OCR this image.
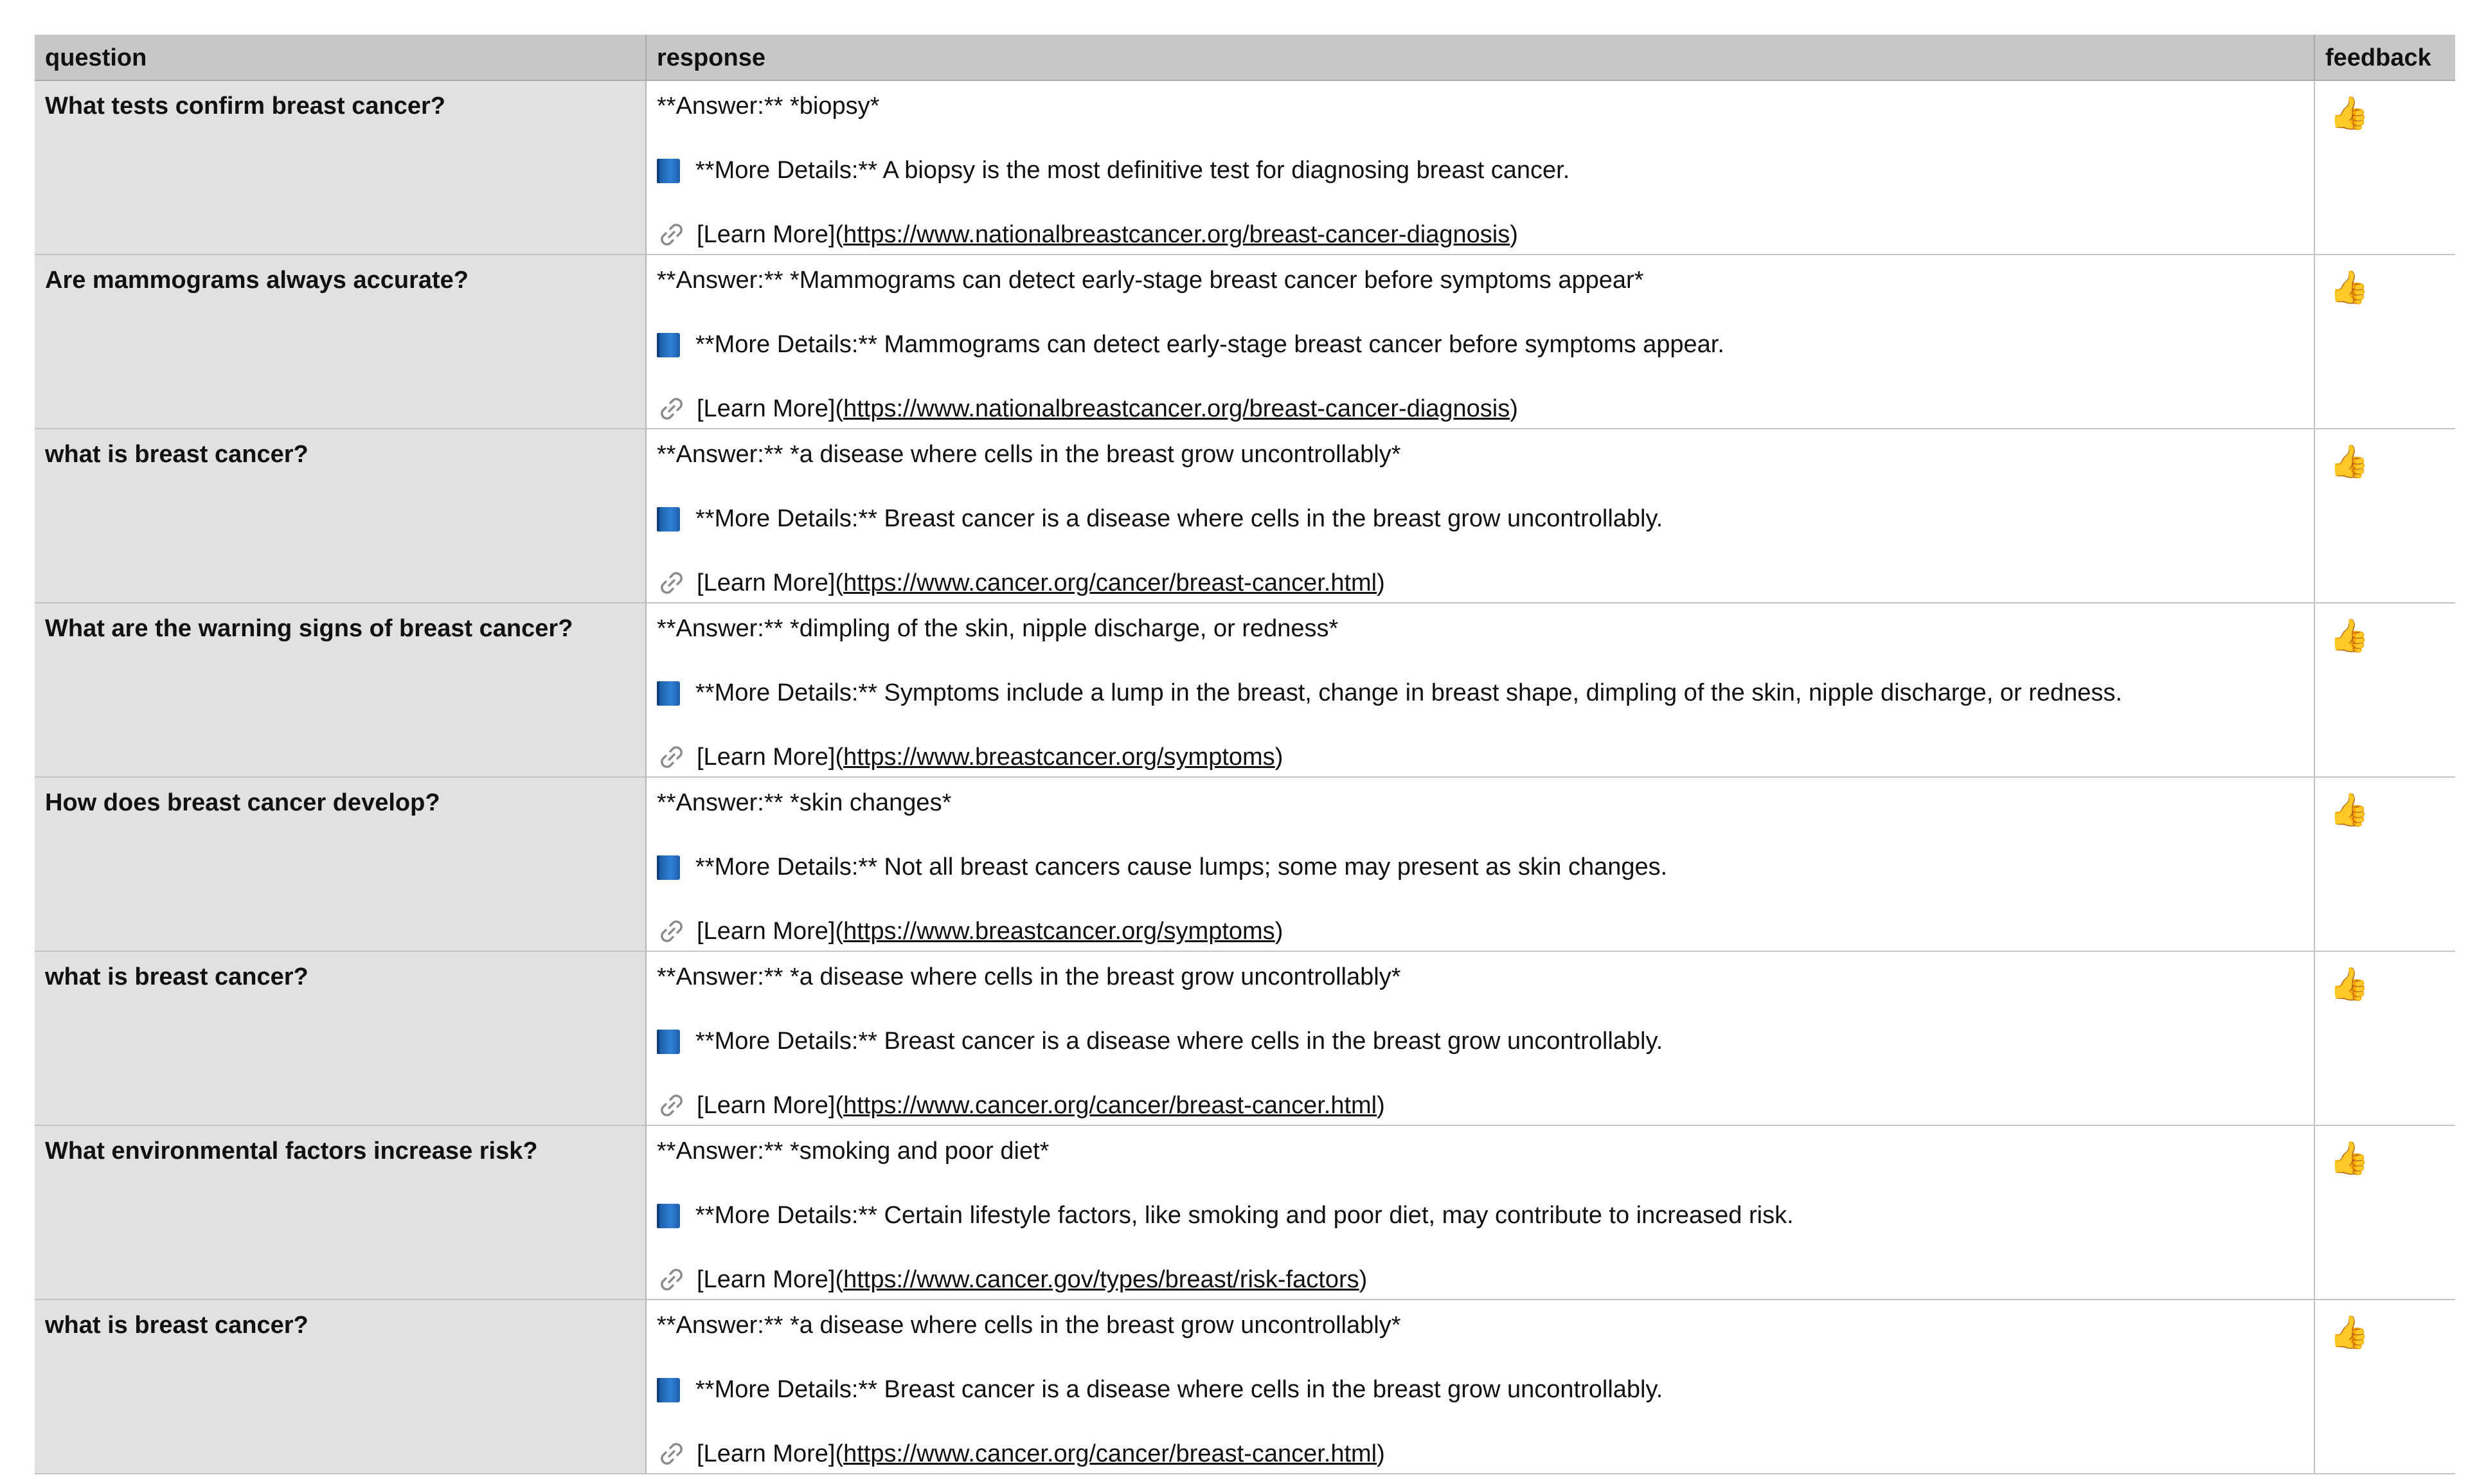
question	response	feedback
What tests confirm breast cancer?	**Answer:** *biopsy*
**More Details:** A biopsy is the most definitive test for diagnosing breast cancer.
[Learn More]( https://www.nationalbreastcancer.org/breast-cancer-diagnosis )
👍
Are mammograms always accurate?	**Answer:** *Mammograms can detect early-stage breast cancer before symptoms appear*
**More Details:** Mammograms can detect early-stage breast cancer before symptoms appear.
[Learn More]( https://www.nationalbreastcancer.org/breast-cancer-diagnosis )
👍
what is breast cancer?	**Answer:** *a disease where cells in the breast grow uncontrollably*
**More Details:** Breast cancer is a disease where cells in the breast grow uncontrollably.
[Learn More]( https://www.cancer.org/cancer/breast-cancer.html )
👍
What are the warning signs of breast cancer?	**Answer:** *dimpling of the skin, nipple discharge, or redness*
**More Details:** Symptoms include a lump in the breast, change in breast shape, dimpling of the skin, nipple discharge, or redness.
[Learn More]( https://www.breastcancer.org/symptoms )
👍
How does breast cancer develop?	**Answer:** *skin changes*
**More Details:** Not all breast cancers cause lumps; some may present as skin changes.
[Learn More]( https://www.breastcancer.org/symptoms )
👍
what is breast cancer?	**Answer:** *a disease where cells in the breast grow uncontrollably*
**More Details:** Breast cancer is a disease where cells in the breast grow uncontrollably.
[Learn More]( https://www.cancer.org/cancer/breast-cancer.html )
👍
What environmental factors increase risk?	**Answer:** *smoking and poor diet*
**More Details:** Certain lifestyle factors, like smoking and poor diet, may contribute to increased risk.
[Learn More]( https://www.cancer.gov/types/breast/risk-factors )
👍
what is breast cancer?	**Answer:** *a disease where cells in the breast grow uncontrollably*
**More Details:** Breast cancer is a disease where cells in the breast grow uncontrollably.
[Learn More]( https://www.cancer.org/cancer/breast-cancer.html )
👍
